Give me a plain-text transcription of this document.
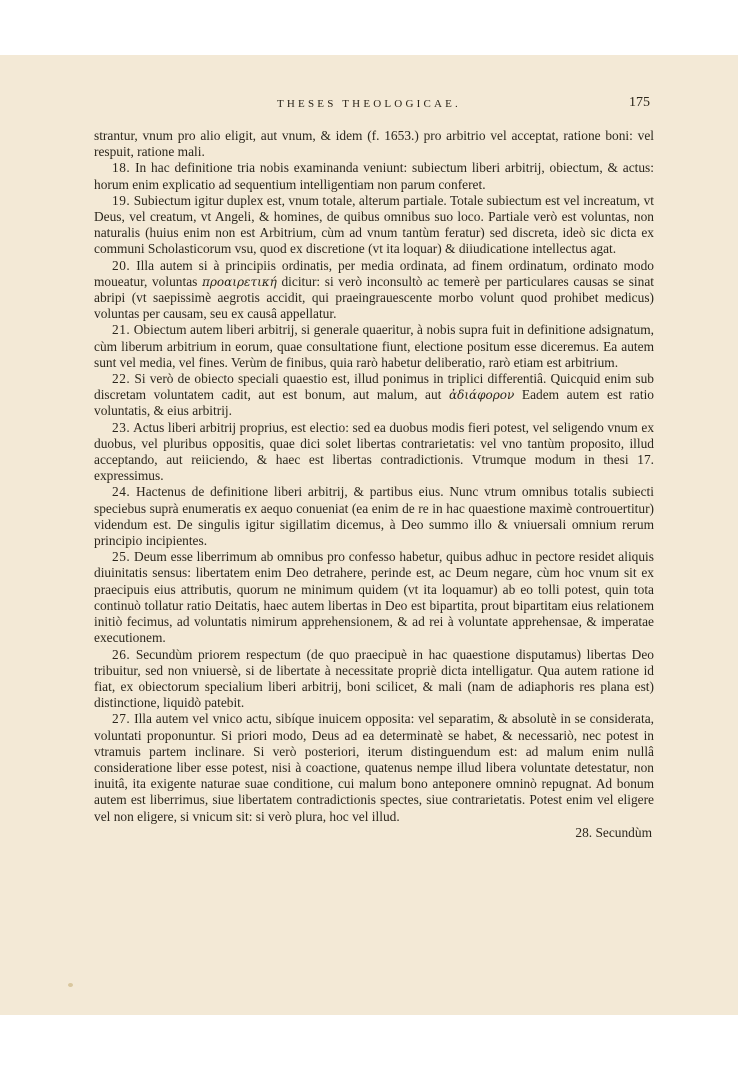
THESES THEOLOGICAE.	175

strantur, vnum pro alio eligit, aut vnum, & idem (f. 1653.) pro arbitrio vel acceptat, ratione boni: vel respuit, ratione mali.

18. In hac definitione tria nobis examinanda veniunt: subiectum liberi arbitrij, obiectum, & actus: horum enim explicatio ad sequentium intelligentiam non parum conferet.

19. Subiectum igitur duplex est, vnum totale, alterum partiale. Totale subiectum est vel increatum, vt Deus, vel creatum, vt Angeli, & homines, de quibus omnibus suo loco. Partiale verò est voluntas, non naturalis (huius enim non est Arbitrium, cùm ad vnum tantùm feratur) sed discreta, ideò sic dicta ex communi Scholasticorum vsu, quod ex discretione (vt ita loquar) & diiudicatione intellectus agat.

20. Illa autem si à principiis ordinatis, per media ordinata, ad finem ordinatum, ordinato modo moueatur, voluntas προαιρετική dicitur: si verò inconsultò ac temerè per particulares causas se sinat abripi (vt saepissimè aegrotis accidit, qui praeingrauescente morbo volunt quod prohibet medicus) voluntas per causam, seu ex causâ appellatur.

21. Obiectum autem liberi arbitrij, si generale quaeritur, à nobis supra fuit in definitione adsignatum, cùm liberum arbitrium in eorum, quae consultatione fiunt, electione positum esse diceremus. Ea autem sunt vel media, vel fines. Verùm de finibus, quia rarò habetur deliberatio, rarò etiam est arbitrium.

22. Si verò de obiecto speciali quaestio est, illud ponimus in triplici differentiâ. Quicquid enim sub discretam voluntatem cadit, aut est bonum, aut malum, aut ἀδιάφορον Eadem autem est ratio voluntatis, & eius arbitrij.

23. Actus liberi arbitrij proprius, est electio: sed ea duobus modis fieri potest, vel seligendo vnum ex duobus, vel pluribus oppositis, quae dici solet libertas contrarietatis: vel vno tantùm proposito, illud acceptando, aut reiiciendo, & haec est libertas contradictionis. Vtrumque modum in thesi 17. expressimus.

24. Hactenus de definitione liberi arbitrij, & partibus eius. Nunc vtrum omnibus totalis subiecti speciebus suprà enumeratis ex aequo conueniat (ea enim de re in hac quaestione maximè controuertitur) videndum est. De singulis igitur sigillatim dicemus, à Deo summo illo & vniuersali omnium rerum principio incipientes.

25. Deum esse liberrimum ab omnibus pro confesso habetur, quibus adhuc in pectore residet aliquis diuinitatis sensus: libertatem enim Deo detrahere, perinde est, ac Deum negare, cùm hoc vnum sit ex praecipuis eius attributis, quorum ne minimum quidem (vt ita loquamur) ab eo tolli potest, quin tota continuò tollatur ratio Deitatis, haec autem libertas in Deo est bipartita, prout bipartitam eius relationem initiò fecimus, ad voluntatis nimirum apprehensionem, & ad rei à voluntate apprehensae, & imperatae executionem.

26. Secundùm priorem respectum (de quo praecipuè in hac quaestione disputamus) libertas Deo tribuitur, sed non vniuersè, si de libertate à necessitate propriè dicta intelligatur. Qua autem ratione id fiat, ex obiectorum specialium liberi arbitrij, boni scilicet, & mali (nam de adiaphoris res plana est) distinctione, liquidò patebit.

27. Illa autem vel vnico actu, sibíque inuicem opposita: vel separatim, & absolutè in se considerata, voluntati proponuntur. Si priori modo, Deus ad ea determinatè se habet, & necessariò, nec potest in vtramuis partem inclinare. Si verò posteriori, iterum distinguendum est: ad malum enim nullâ consideratione liber esse potest, nisi à coactione, quatenus nempe illud libera voluntate detestatur, non inuitâ, ita exigente naturae suae conditione, cui malum bono anteponere omninò repugnat. Ad bonum autem est liberrimus, siue libertatem contradictionis spectes, siue contrarietatis. Potest enim vel eligere vel non eligere, si vnicum sit: si verò plura, hoc vel illud.

28. Secundùm
